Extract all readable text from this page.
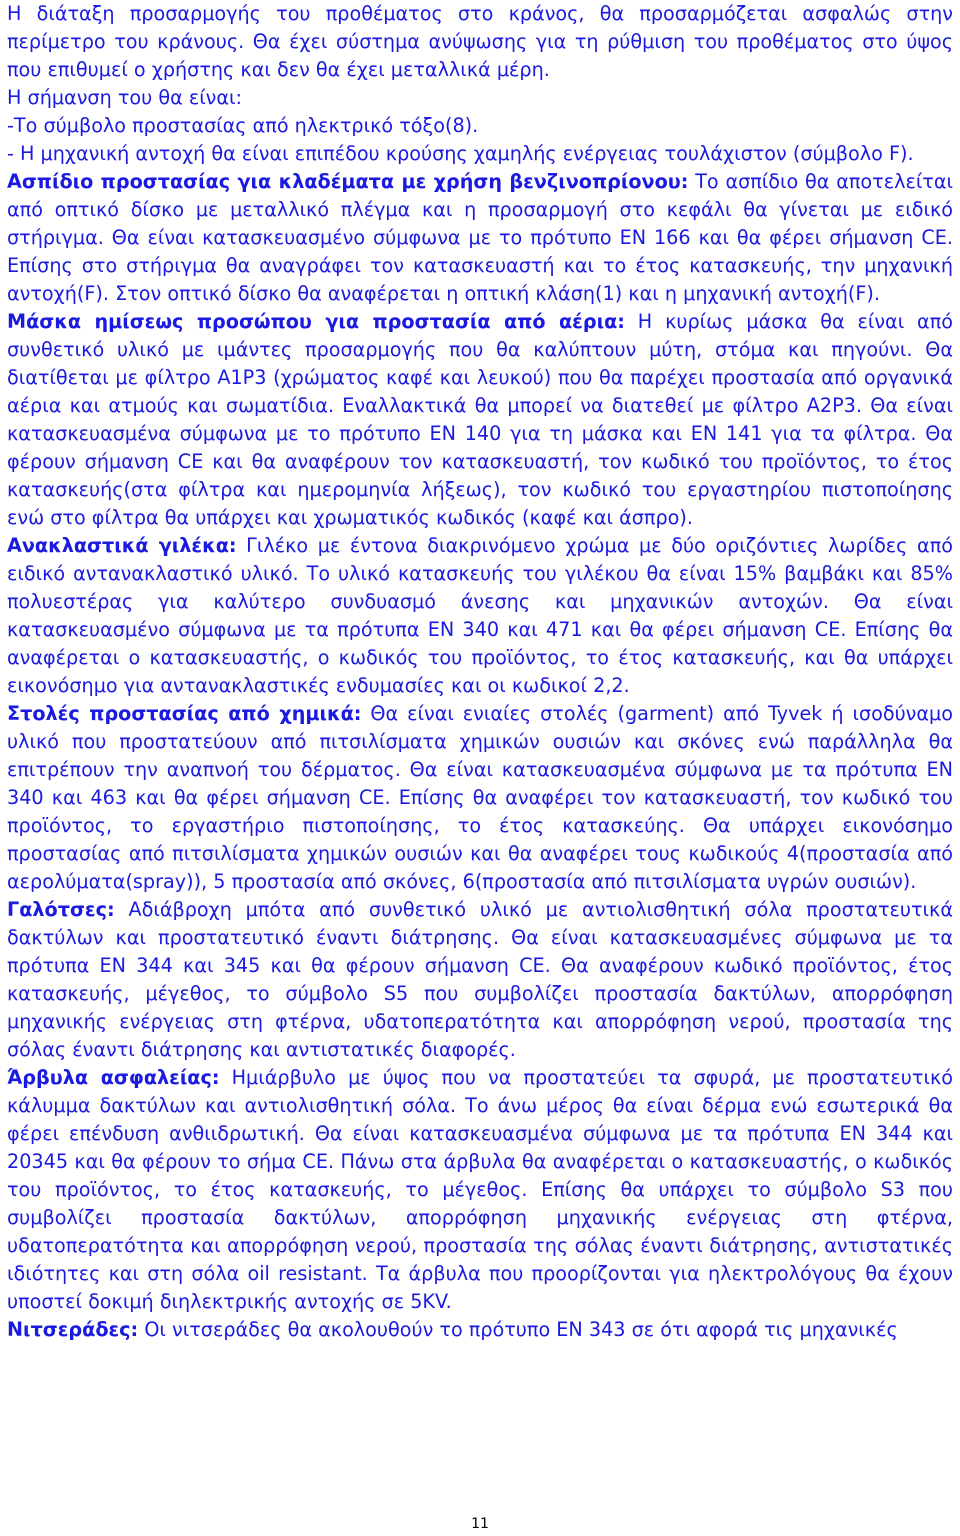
Η διάταξη προσαρμογής του προθέματος στο κράνος, θα προσαρμόζεται ασφαλώς στην περίμετρο του κράνους. Θα έχει σύστημα ανύψωσης για τη ρύθμιση του προθέματος στο ύψος που επιθυμεί ο χρήστης και δεν θα έχει μεταλλικά μέρη.

Η σήμανση του θα είναι:

-Το σύμβολο προστασίας από ηλεκτρικό τόξο(8).

- Η μηχανική αντοχή θα είναι επιπέδου κρούσης χαμηλής ενέργειας τουλάχιστον (σύμβολο F).

Ασπίδιο προστασίας για κλαδέματα με χρήση βενζινοπρίονου: Το ασπίδιο θα αποτελείται από οπτικό δίσκο με μεταλλικό πλέγμα και η προσαρμογή στο κεφάλι θα γίνεται με ειδικό στήριγμα. Θα είναι κατασκευασμένο σύμφωνα με το πρότυπο EN 166 και θα φέρει σήμανση CE. Επίσης στο στήριγμα θα αναγράφει τον κατασκευαστή και το έτος κατασκευής, την μηχανική αντοχή(F). Στον οπτικό δίσκο θα αναφέρεται η οπτική κλάση(1) και η μηχανική αντοχή(F).

Μάσκα ημίσεως προσώπου για προστασία από αέρια: Η κυρίως μάσκα θα είναι από συνθετικό υλικό με ιμάντες προσαρμογής που θα καλύπτουν μύτη, στόμα και πηγούνι. Θα διατίθεται με φίλτρο Α1Ρ3 (χρώματος καφέ και λευκού) που θα παρέχει προστασία από οργανικά αέρια και ατμούς και σωματίδια. Εναλλακτικά θα μπορεί να διατεθεί με φίλτρο Α2Ρ3. Θα είναι κατασκευασμένα σύμφωνα με το πρότυπο ΕΝ 140 για τη μάσκα και ΕΝ 141 για τα φίλτρα. Θα φέρουν σήμανση CE και θα αναφέρουν τον κατασκευαστή, τον κωδικό του προϊόντος, το έτος κατασκευής(στα φίλτρα και ημερομηνία λήξεως), τον κωδικό του εργαστηρίου πιστοποίησης ενώ στο φίλτρα θα υπάρχει και χρωματικός κωδικός (καφέ και άσπρο).

Ανακλαστικά γιλέκα: Γιλέκο με έντονα διακρινόμενο χρώμα με δύο οριζόντιες λωρίδες από ειδικό αντανακλαστικό υλικό. Το υλικό κατασκευής του γιλέκου θα είναι 15% βαμβάκι και 85% πολυεστέρας για καλύτερο συνδυασμό άνεσης και μηχανικών αντοχών. Θα είναι κατασκευασμένο σύμφωνα με τα πρότυπα ΕΝ 340 και 471 και θα φέρει σήμανση CE. Επίσης θα αναφέρεται ο κατασκευαστής, ο κωδικός του προϊόντος, το έτος κατασκευής, και θα υπάρχει εικονόσημο για αντανακλαστικές ενδυμασίες και οι κωδικοί 2,2.

Στολές προστασίας από χημικά: Θα είναι ενιαίες στολές (garment) από Tyvek ή ισοδύναμο υλικό που προστατεύουν από πιτσιλίσματα χημικών ουσιών και σκόνες ενώ παράλληλα θα επιτρέπουν την αναπνοή του δέρματος. Θα είναι κατασκευασμένα σύμφωνα με τα πρότυπα ΕΝ 340 και 463 και θα φέρει σήμανση CE. Επίσης θα αναφέρει τον κατασκευαστή, τον κωδικό του προϊόντος, το εργαστήριο πιστοποίησης, το έτος κατασκεύης. Θα υπάρχει εικονόσημο προστασίας από πιτσιλίσματα χημικών ουσιών και θα αναφέρει τους κωδικούς 4(προστασία από αερολύματα(spray)), 5 προστασία από σκόνες, 6(προστασία από πιτσιλίσματα υγρών ουσιών).

Γαλότσες: Αδιάβροχη μπότα από συνθετικό υλικό με αντιολισθητική σόλα προστατευτικά δακτύλων και προστατευτικό έναντι διάτρησης. Θα είναι κατασκευασμένες σύμφωνα με τα πρότυπα ΕΝ 344 και 345 και θα φέρουν σήμανση CE. Θα αναφέρουν κωδικό προϊόντος, έτος κατασκευής, μέγεθος, το σύμβολο S5 που συμβολίζει προστασία δακτύλων, απορρόφηση μηχανικής ενέργειας στη φτέρνα, υδατοπερατότητα και απορρόφηση νερού, προστασία της σόλας έναντι διάτρησης και αντιστατικές διαφορές.

Άρβυλα ασφαλείας: Ημιάρβυλο με ύψος που να προστατεύει τα σφυρά, με προστατευτικό κάλυμμα δακτύλων και αντιολισθητική σόλα. Το άνω μέρος θα είναι δέρμα ενώ εσωτερικά θα φέρει επένδυση ανθιιδρωτική. Θα είναι κατασκευασμένα σύμφωνα με τα πρότυπα ΕΝ 344 και 20345 και θα φέρουν το σήμα CE. Πάνω στα άρβυλα θα αναφέρεται ο κατασκευαστής, ο κωδικός του προϊόντος, το έτος κατασκευής, το μέγεθος. Επίσης θα υπάρχει το σύμβολο S3 που συμβολίζει προστασία δακτύλων, απορρόφηση μηχανικής ενέργειας στη φτέρνα, υδατοπερατότητα και απορρόφηση νερού, προστασία της σόλας έναντι διάτρησης, αντιστατικές ιδιότητες και στη σόλα oil resistant. Τα άρβυλα που προορίζονται για ηλεκτρολόγους θα έχουν υποστεί δοκιμή διηλεκτρικής αντοχής σε 5KV.

Νιτσεράδες: Οι νιτσεράδες θα ακολουθούν το πρότυπο ΕΝ 343 σε ότι αφορά τις μηχανικές

11
